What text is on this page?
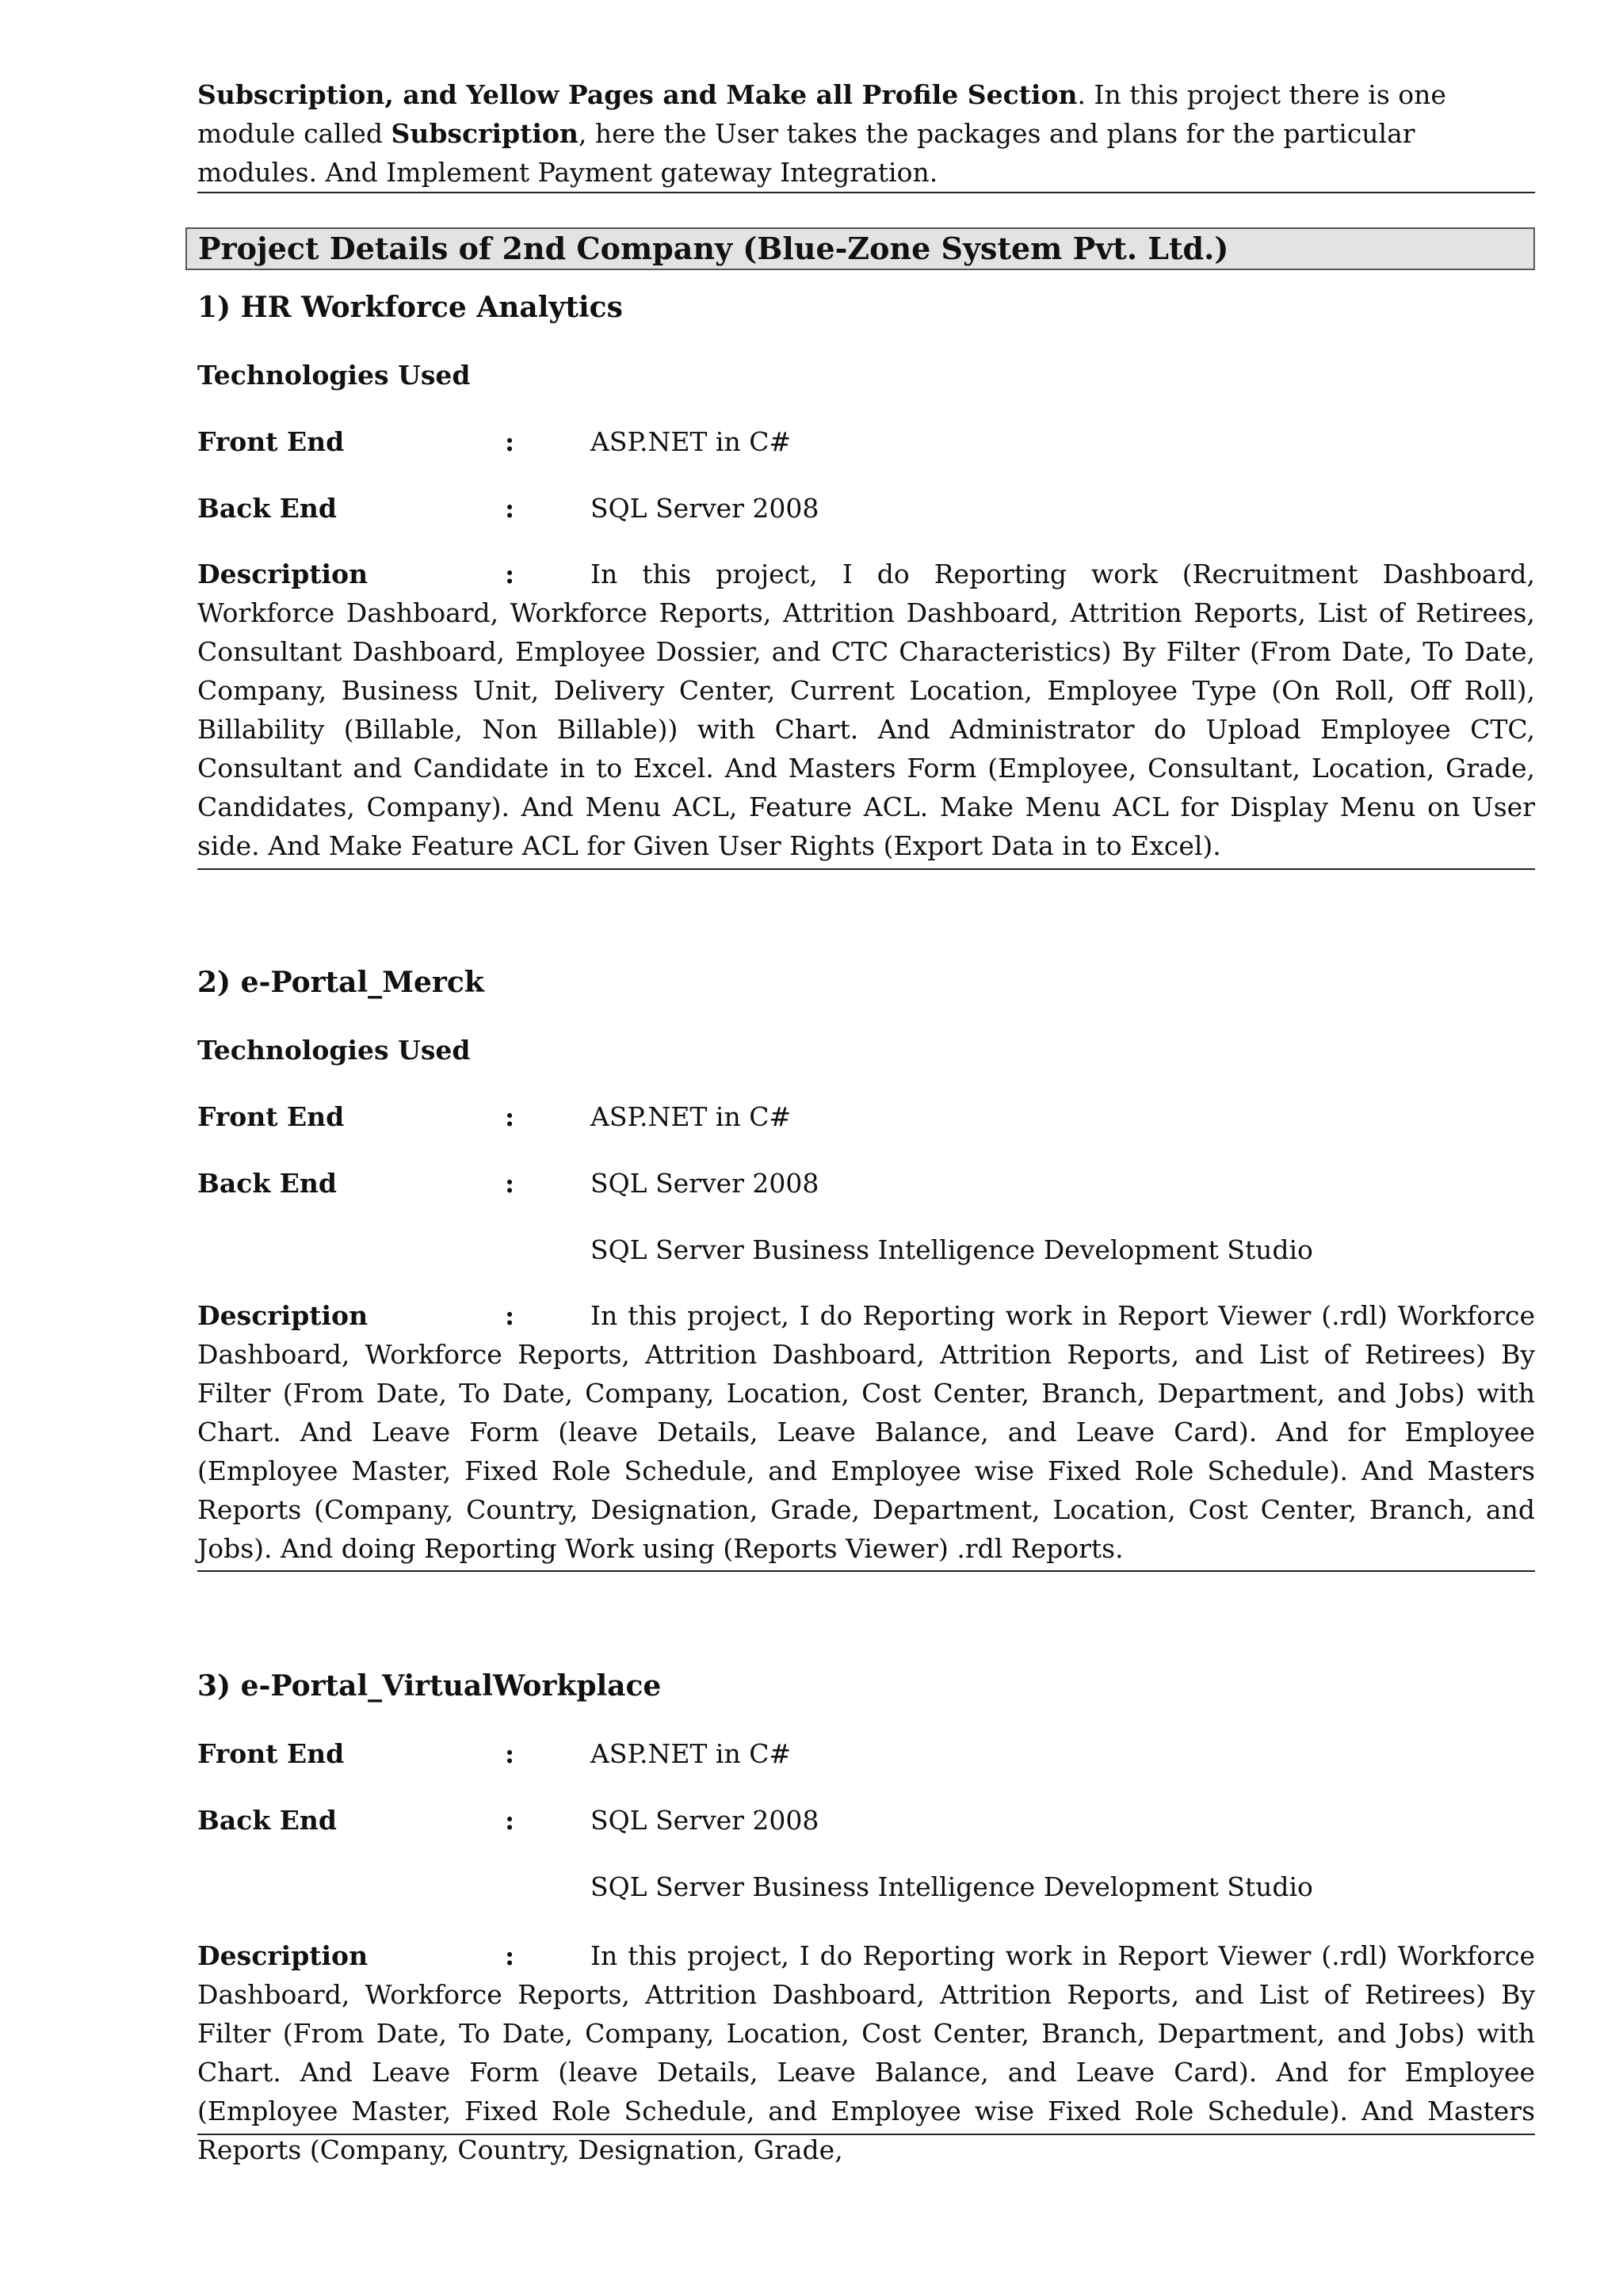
Subscription, and Yellow Pages and Make all Profile Section. In this project there is one module called Subscription, here the User takes the packages and plans for the particular modules. And Implement Payment gateway Integration.
Project Details of 2nd Company (Blue-Zone System Pvt. Ltd.)
1) HR Workforce Analytics
Technologies Used
Front End	:	ASP.NET in C#
Back End	:	SQL Server 2008
Description	:	In this project, I do Reporting work (Recruitment Dashboard, Workforce Dashboard, Workforce Reports, Attrition Dashboard, Attrition Reports, List of Retirees, Consultant Dashboard, Employee Dossier, and CTC Characteristics) By Filter (From Date, To Date, Company, Business Unit, Delivery Center, Current Location, Employee Type (On Roll, Off Roll), Billability (Billable, Non Billable)) with Chart. And Administrator do Upload Employee CTC, Consultant and Candidate in to Excel. And Masters Form (Employee, Consultant, Location, Grade, Candidates, Company). And Menu ACL, Feature ACL. Make Menu ACL for Display Menu on User side. And Make Feature ACL for Given User Rights (Export Data in to Excel).
2) e-Portal_Merck
Technologies Used
Front End	:	ASP.NET in C#
Back End	:	SQL Server 2008
SQL Server Business Intelligence Development Studio
Description	:	In this project, I do Reporting work in Report Viewer (.rdl) Workforce Dashboard, Workforce Reports, Attrition Dashboard, Attrition Reports, and List of Retirees) By Filter (From Date, To Date, Company, Location, Cost Center, Branch, Department, and Jobs) with Chart. And Leave Form (leave Details, Leave Balance, and Leave Card). And for Employee (Employee Master, Fixed Role Schedule, and Employee wise Fixed Role Schedule). And Masters Reports (Company, Country, Designation, Grade, Department, Location, Cost Center, Branch, and Jobs). And doing Reporting Work using (Reports Viewer) .rdl Reports.
3) e-Portal_VirtualWorkplace
Front End	:	ASP.NET in C#
Back End	:	SQL Server 2008
SQL Server Business Intelligence Development Studio
Description	:	In this project, I do Reporting work in Report Viewer (.rdl) Workforce Dashboard, Workforce Reports, Attrition Dashboard, Attrition Reports, and List of Retirees) By Filter (From Date, To Date, Company, Location, Cost Center, Branch, Department, and Jobs) with Chart. And Leave Form (leave Details, Leave Balance, and Leave Card). And for Employee (Employee Master, Fixed Role Schedule, and Employee wise Fixed Role Schedule). And Masters Reports (Company, Country, Designation, Grade,
